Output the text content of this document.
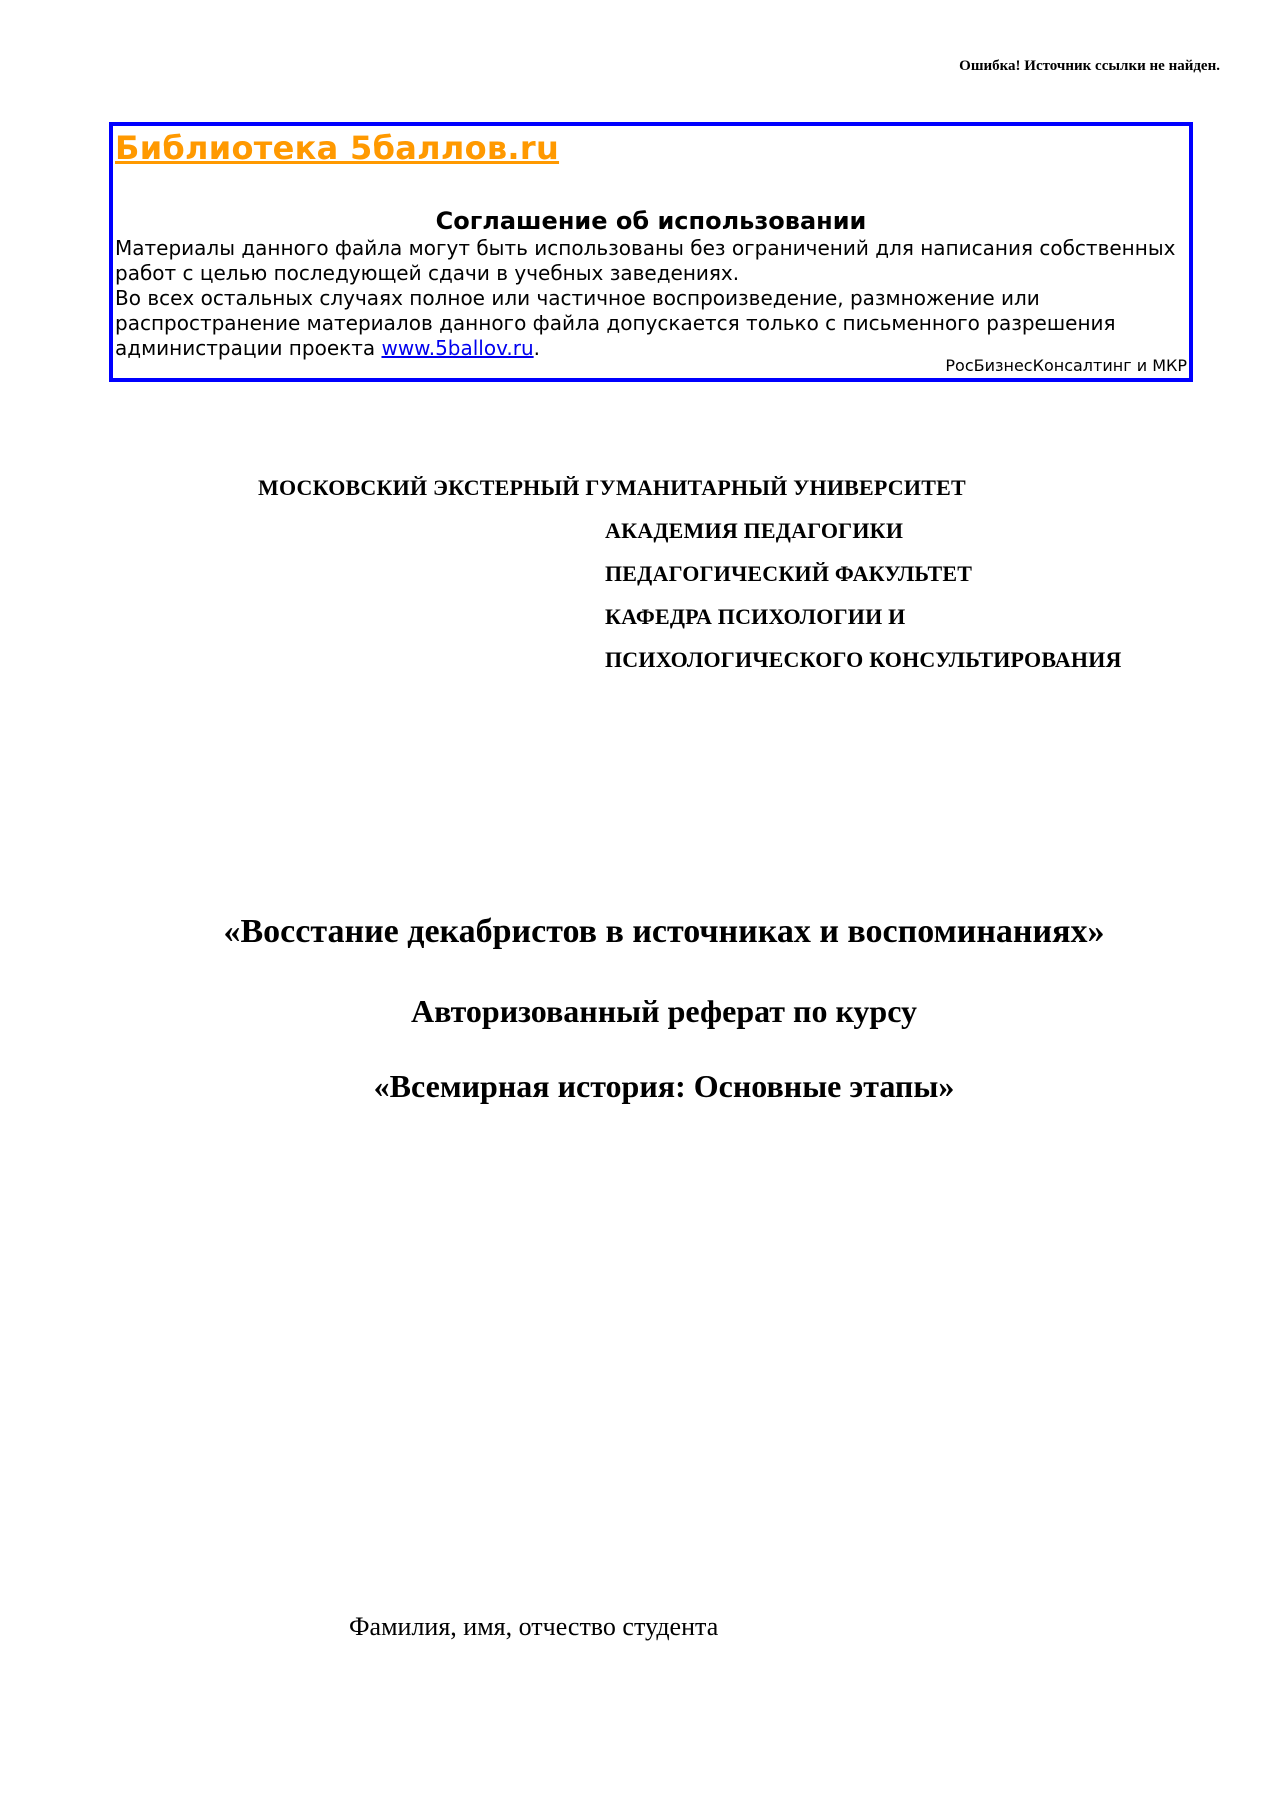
Ошибка! Источник ссылки не найден.
Библиотека 5баллов.ru
Соглашение об использовании

Материалы данного файла могут быть использованы без ограничений для написания собственных работ с целью последующей сдачи в учебных заведениях.

Во всех остальных случаях полное или частичное воспроизведение, размножение или распространение материалов данного файла допускается только с письменного разрешения администрации проекта www.5ballov.ru.

РосБизнесКонсалтинг и МКР
МОСКОВСКИЙ ЭКСТЕРНЫЙ ГУМАНИТАРНЫЙ УНИВЕРСИТЕТ
АКАДЕМИЯ ПЕДАГОГИКИ
ПЕДАГОГИЧЕСКИЙ ФАКУЛЬТЕТ
КАФЕДРА ПСИХОЛОГИИ И
ПСИХОЛОГИЧЕСКОГО КОНСУЛЬТИРОВАНИЯ
«Восстание декабристов в источниках и воспоминаниях»
Авторизованный реферат по курсу
«Всемирная история: Основные этапы»
Фамилия, имя, отчество студента
